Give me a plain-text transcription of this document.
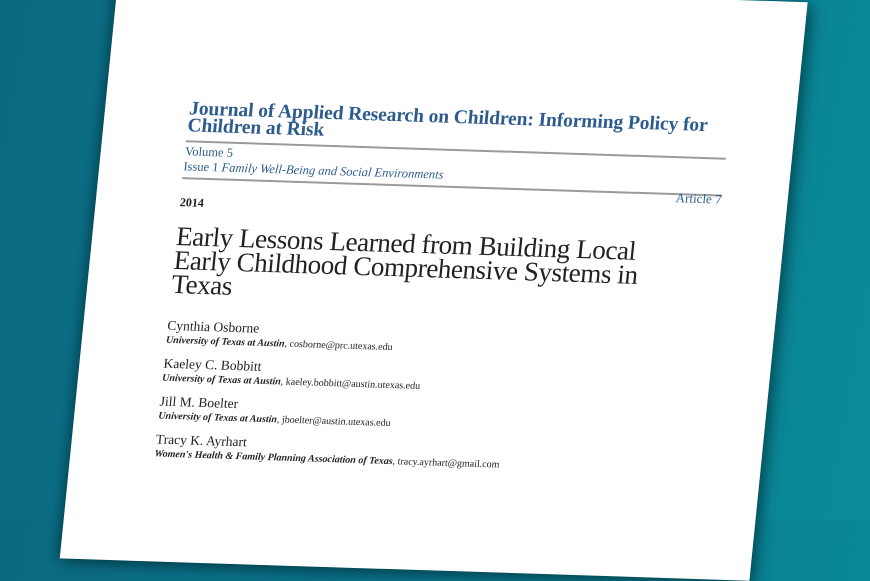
Journal of Applied Research on Children: Informing Policy for Children at Risk
Volume 5
Issue 1 Family Well-Being and Social Environments
Article 7
2014
Early Lessons Learned from Building Local Early Childhood Comprehensive Systems in Texas
Cynthia Osborne
University of Texas at Austin, cosborne@prc.utexas.edu
Kaeley C. Bobbitt
University of Texas at Austin, kaeley.bobbitt@austin.utexas.edu
Jill M. Boelter
University of Texas at Austin, jboelter@austin.utexas.edu
Tracy K. Ayrhart
Women's Health & Family Planning Association of Texas, tracy.ayrhart@gmail.com
